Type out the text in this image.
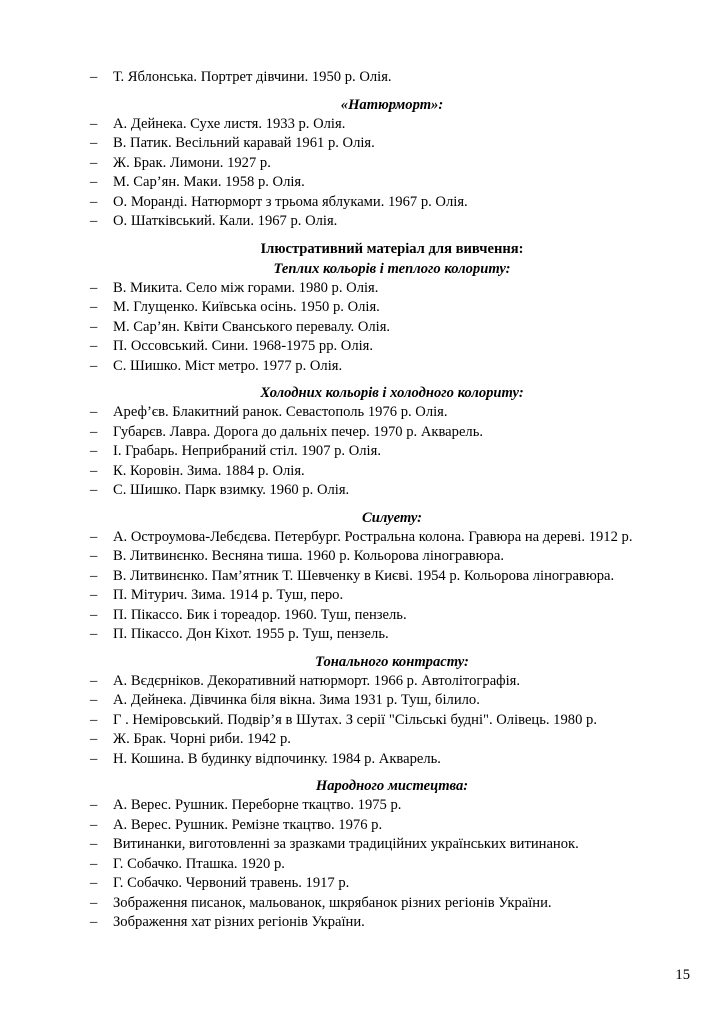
– Т. Яблонська. Портрет дівчини. 1950 р. Олія.
«Натюрморт»:
– А. Дейнека. Сухе листя. 1933 р. Олія.
– В. Патик. Весільний каравай 1961 р. Олія.
– Ж. Брак. Лимони. 1927 р.
– М. Сар’ян. Маки. 1958 р. Олія.
– О. Моранді. Натюрморт з трьома яблуками. 1967 р. Олія.
– О. Шатківський. Кали. 1967 р. Олія.
Ілюстративний матеріал для вивчення:
Теплих кольорів і теплого колориту:
– В. Микита. Село між горами. 1980 р. Олія.
– М. Глущенко. Київська осінь. 1950 р. Олія.
– М. Сар’ян. Квіти Сванського перевалу. Олія.
– П. Оссовський. Сини. 1968-1975 рр. Олія.
– С. Шишко. Міст метро. 1977 р. Олія.
Холодних кольорів і холодного колориту:
– Ареф’єв. Блакитний ранок. Севастополь 1976 р. Олія.
– Губарєв. Лавра. Дорога до дальніх печер. 1970 р. Акварель.
– І. Грабарь. Неприбраний стіл. 1907 р. Олія.
– К. Коровін. Зима. 1884 р. Олія.
– С. Шишко. Парк взимку. 1960 р. Олія.
Силуету:
– А. Остроумова-Лебєдєва. Петербург. Ростральна колона. Гравюра на дереві. 1912 р.
– В. Литвинєнко. Весняна тиша. 1960 р. Кольорова ліногравюра.
– В. Литвинєнко. Пам’ятник Т. Шевченку в Києві. 1954 р. Кольорова ліногравюра.
– П. Мітурич. Зима. 1914 р. Туш, перо.
– П. Пікассо. Бик і тореадор. 1960. Туш, пензель.
– П. Пікассо. Дон Кіхот. 1955 р. Туш, пензель.
Тонального контрасту:
– А. Вєдєрніков. Декоративний натюрморт. 1966 р. Автолітографія.
– А. Дейнека. Дівчинка біля вікна. Зима 1931 р. Туш, білило.
– Г . Неміровський. Подвір’я в Шутах. З серії "Сільські будні". Олівець. 1980 р.
– Ж. Брак. Чорні риби. 1942 р.
– Н. Кошина. В будинку відпочинку. 1984 р. Акварель.
Народного мистецтва:
– А. Верес. Рушник. Переборне ткацтво. 1975 р.
– А. Верес. Рушник. Ремізне ткацтво. 1976 р.
– Витинанки, виготовленні за зразками традиційних українських витинанок.
– Г. Собачко. Пташка. 1920 р.
– Г. Собачко. Червоний травень. 1917 р.
– Зображення писанок, мальованок, шкрябанок різних регіонів України.
– Зображення хат різних регіонів України.
15
